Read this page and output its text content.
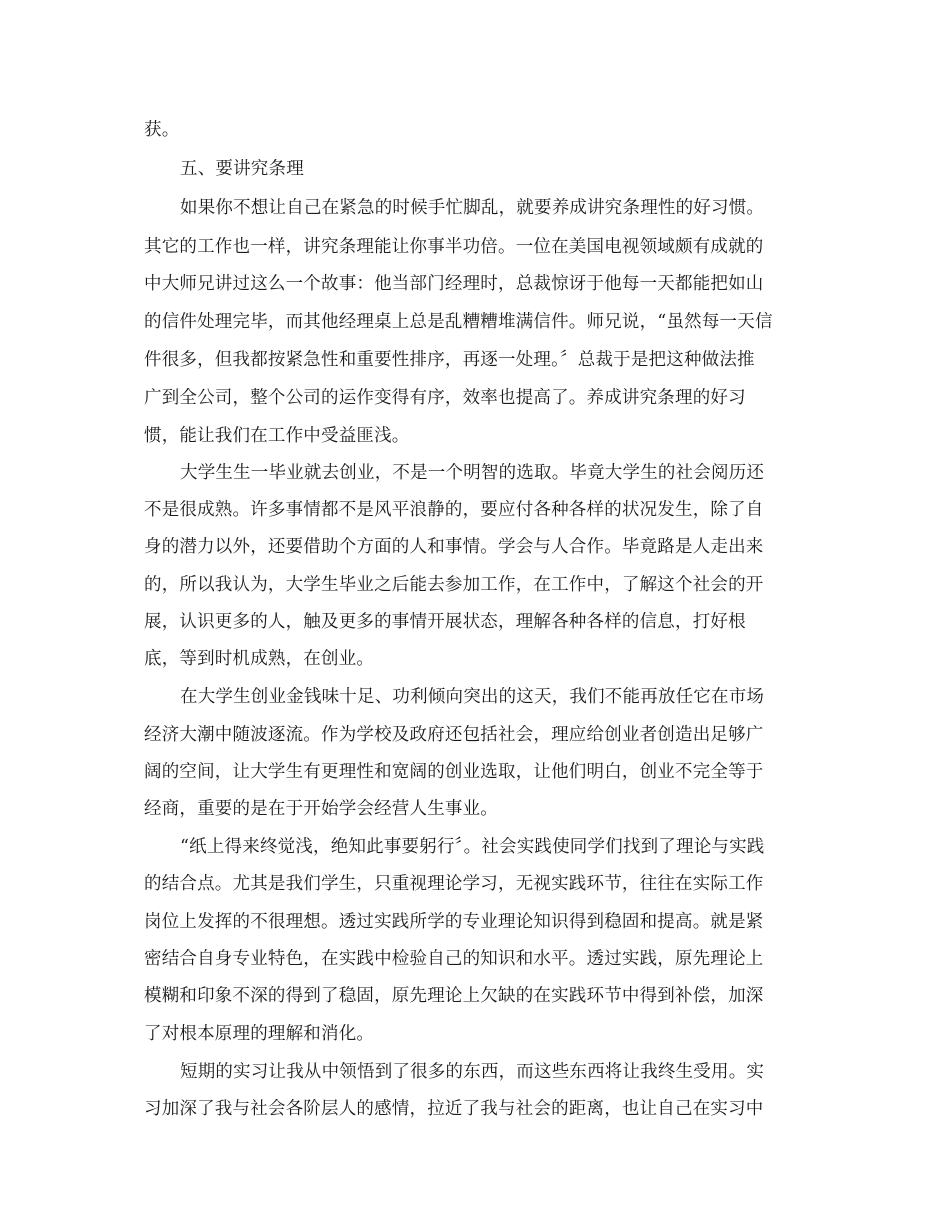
获。

五、要讲究条理

如果你不想让自己在紧急的时候手忙脚乱，就要养成讲究条理性的好习惯。

其它的工作也一样，讲究条理能让你事半功倍。一位在美国电视领域颇有成就的

中大师兄讲过这么一个故事：他当部门经理时，总裁惊讶于他每一天都能把如山

的信件处理完毕，而其他经理桌上总是乱糟糟堆满信件。师兄说，“虽然每一天信

件很多，但我都按紧急性和重要性排序，再逐一处理。〞总裁于是把这种做法推

广到全公司，整个公司的运作变得有序，效率也提高了。养成讲究条理的好习

惯，能让我们在工作中受益匪浅。

大学生生一毕业就去创业，不是一个明智的选取。毕竟大学生的社会阅历还

不是很成熟。许多事情都不是风平浪静的，要应付各种各样的状况发生，除了自

身的潜力以外，还要借助个方面的人和事情。学会与人合作。毕竟路是人走出来

的，所以我认为，大学生毕业之后能去参加工作，在工作中，了解这个社会的开

展，认识更多的人，触及更多的事情开展状态，理解各种各样的信息，打好根

底，等到时机成熟，在创业。

在大学生创业金钱味十足、功利倾向突出的这天，我们不能再放任它在市场

经济大潮中随波逐流。作为学校及政府还包括社会，理应给创业者创造出足够广

阔的空间，让大学生有更理性和宽阔的创业选取，让他们明白，创业不完全等于

经商，重要的是在于开始学会经营人生事业。

“纸上得来终觉浅，绝知此事要躬行〞。社会实践使同学们找到了理论与实践

的结合点。尤其是我们学生，只重视理论学习，无视实践环节，往往在实际工作

岗位上发挥的不很理想。透过实践所学的专业理论知识得到稳固和提高。就是紧

密结合自身专业特色，在实践中检验自己的知识和水平。透过实践，原先理论上

模糊和印象不深的得到了稳固，原先理论上欠缺的在实践环节中得到补偿，加深

了对根本原理的理解和消化。

短期的实习让我从中领悟到了很多的东西，而这些东西将让我终生受用。实

习加深了我与社会各阶层人的感情，拉近了我与社会的距离，也让自己在实习中
